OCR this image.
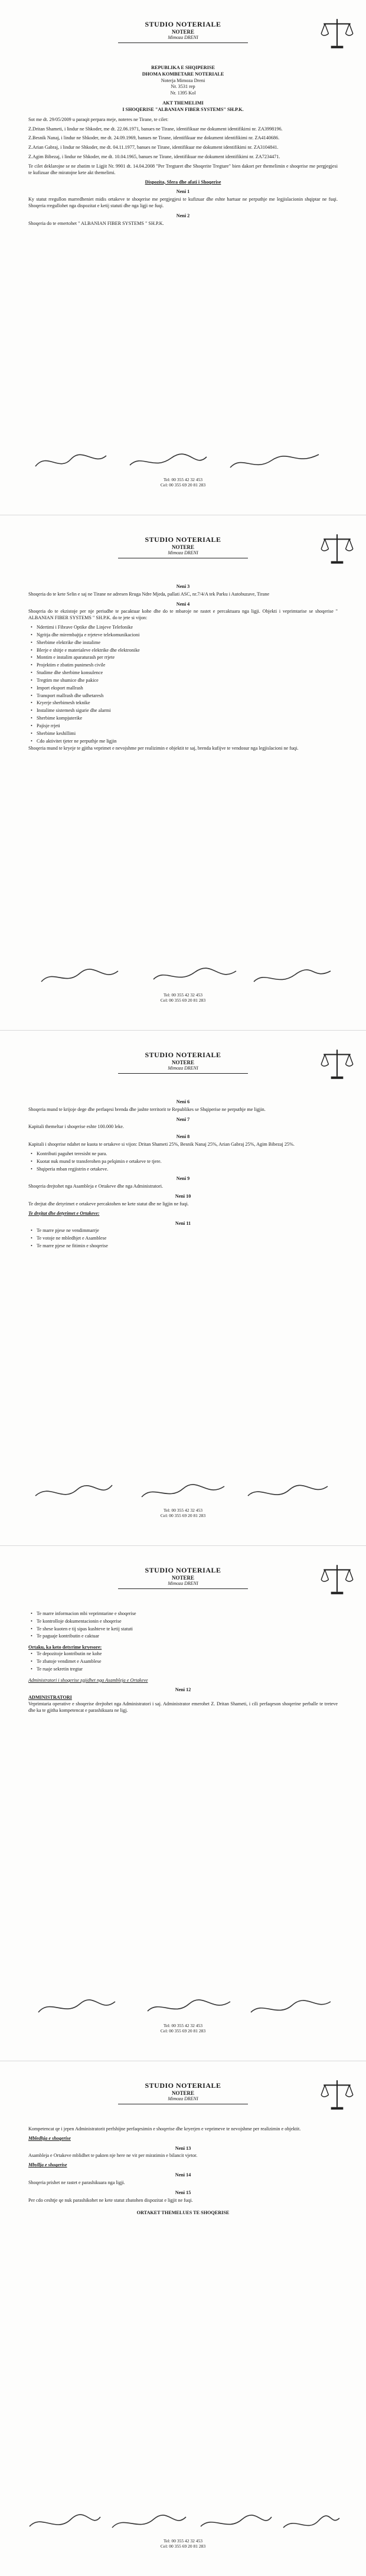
STUDIO NOTERIALE
NOTERE
Mimoza DRENI
REPUBLIKA E SHQIPERISE
DHOMA KOMBETARE NOTERIALE
Noterja Mimoza Dreni
Nr. 3531 rep
Nr. 1395 Kol
AKT THEMELIMI
I SHOQERISE "ALBANIAN FIBER SYSTEMS" SH.P.K.

Sot me dt. 29/05/2009 u paraqit perpara meje, noteres ne Tirane, te cilet:

Z.Dritan Shameti, i lindur ne Shkoder, me dt. 22.06.1971, banues ne Tirane, identifikuar me dokument identifikimi nr. ZA3998196.

Z.Besnik Nanaj, i lindur ne Shkoder, me dt. 24.09.1969, banues ne Tirane, identifikuar me dokument identifikimi nr. ZA4140686.

Z.Arian Gabraj, i lindur ne Shkoder, me dt. 04.11.1977, banues ne Tirane, identifikuar me dokument identifikimi nr. ZA3104841.

Z.Agim Bibezaj, i lindur ne Shkoder, me dt. 10.04.1965, banues ne Tirane, identifikuar me dokument identifikimi nr. ZA7234471.

Te cilet deklarojne se ne zbatim te Ligjit Nr. 9901 dt. 14.04.2008 "Per Tregtaret dhe Shoqerite Tregtare" bien dakort per themelimin e shoqerise me pergjegjesi te kufizuar dhe miratojne kete akt themelimi.

Dispozita, Sfera dhe afati i Shoqerise
Neni 1

Ky statut rregullon marredheniet midis ortakeve te shoqerise me pergjegjesi te kufizuar dhe eshte hartuar ne perputhje me legjislacionin shqiptar ne fuqi. Shoqeria rregullohet nga dispozitat e ketij statuti dhe nga ligji ne fuqi.

Neni 2

Shoqeria do te emertohet " ALBANIAN FIBER SYSTEMS " SH.P.K.

Tel: 00 355 42 32 453
Cel: 00 355 69 20 81 283
STUDIO NOTERIALE
NOTERE
Mimoza DRENI
Neni 3

Shoqeria do te kete Selin e saj ne Tirane ne adresen Rruga Ndre Mjeda, pallati ASC, nr.7/4/A tek Parku i Autobuzave, Tirane

Neni 4

Shoqeria do te ekzistoje per nje periudhe te pacaktuar kohe dhe do te mbaroje ne rastet e percaktuara nga ligji. Objekti i veprimtarise se shoqerise " ALBANIAN FIBER SYSTEMS " SH.P.K. do te jete si vijon:

• Ndertimi i Fibrave Optike dhe Linjeve Telefonike
• Ngritja dhe mirembajtja e rrjeteve telekomunikacioni
• Sherbime elektrike dhe instalime
• Blerje e shitje e materialeve elektrike dhe elektronike
• Montim e instalim aparaturash per rrjete
• Projektim e zbatim punimesh civile
• Studime dhe sherbime konsulence
• Tregtim me shumice dhe pakice
• Import eksport mallrash
• Transport mallrash dhe udhetaresh
• Kryerje sherbimesh teknike
• Instalime sistemesh sigurie dhe alarmi
• Sherbime kompjuterike
• Pajisje rrjeti
• Sherbime keshillimi
• Cdo aktivitet tjeter ne perputhje me ligjin

Shoqeria mund te kryeje te gjitha veprimet e nevojshme per realizimin e objektit te saj, brenda kufijve te vendosur nga legjislacioni ne fuqi.

Tel: 00 355 42 32 453
Cel: 00 355 69 20 81 283
STUDIO NOTERIALE
NOTERE
Mimoza DRENI
Neni 6

Shoqeria mund te krijoje dege dhe perfaqesi brenda dhe jashte territorit te Republikes se Shqiperise ne perputhje me ligjin.

Neni 7

Kapitali themeltar i shoqerise eshte 100.000 leke.

Neni 8

Kapitali i shoqerise ndahet ne kuota te ortakeve si vijon: Dritan Shameti 25%, Besnik Nanaj 25%, Arian Gabraj 25%, Agim Bibezaj 25%.

• Kontributi paguhet teresisht ne para.
• Kuotat nuk mund te transferohen pa pelqimin e ortakeve te tjere.
• Shqiperia mban regjistrin e ortakeve.
Neni 9

Shoqeria drejtohet nga Asambleja e Ortakeve dhe nga Administratori.

Neni 10

Te drejtat dhe detyrimet e ortakeve percaktohen ne kete statut dhe ne ligjin ne fuqi.

Te drejtat dhe detyrimet e Ortakeve:
Neni 11
• Te marre pjese ne vendimmarrje
• Te votoje ne mbledhjet e Asamblese
• Te marre pjese ne fitimin e shoqerise
Tel: 00 355 42 32 453
Cel: 00 355 69 20 81 283
STUDIO NOTERIALE
NOTERE
Mimoza DRENI
• Te marre informacion mbi veprimtarine e shoqerise
• Te kontrolloje dokumentacionin e shoqerise
• Te shese kuoten e tij sipas kushteve te ketij statuti
• Te paguaje kontributin e caktuar
Ortaku, ka keto detyrime kryesore:
• Te depozitoje kontributin ne kohe
• Te zbatoje vendimet e Asamblese
• Te ruaje sekretin tregtar
Administratori i shoqerise zgjidhet nga Asambleja e Ortakeve
Neni 12
ADMINISTRATORI

Veprimtaria operative e shoqerise drejtohet nga Administratori i saj. Administrator emerohet Z. Dritan Shameti, i cili perfaqeson shoqerine perballe te treteve dhe ka te gjitha kompetencat e parashikuara ne ligj.

Tel: 00 355 42 32 453
Cel: 00 355 69 20 81 283
STUDIO NOTERIALE
NOTERE
Mimoza DRENI

Kompetencat qe i jepen Administratorit perfshijne perfaqesimin e shoqerise dhe kryerjen e veprimeve te nevojshme per realizimin e objektit.

Mbledhja e shoqerise
Neni 13

Asambleja e Ortakeve mblidhet te pakten nje here ne vit per miratimin e bilancit vjetor.

Mbyllja e shoqerise
Neni 14

Shoqeria prishet ne rastet e parashikuara nga ligji.

Neni 15

Per cdo ceshtje qe nuk parashikohet ne kete statut zbatohen dispozitat e ligjit ne fuqi.

ORTAKET THEMELUES TE SHOQERISE
Tel: 00 355 42 32 453
Cel: 00 355 69 20 81 283
